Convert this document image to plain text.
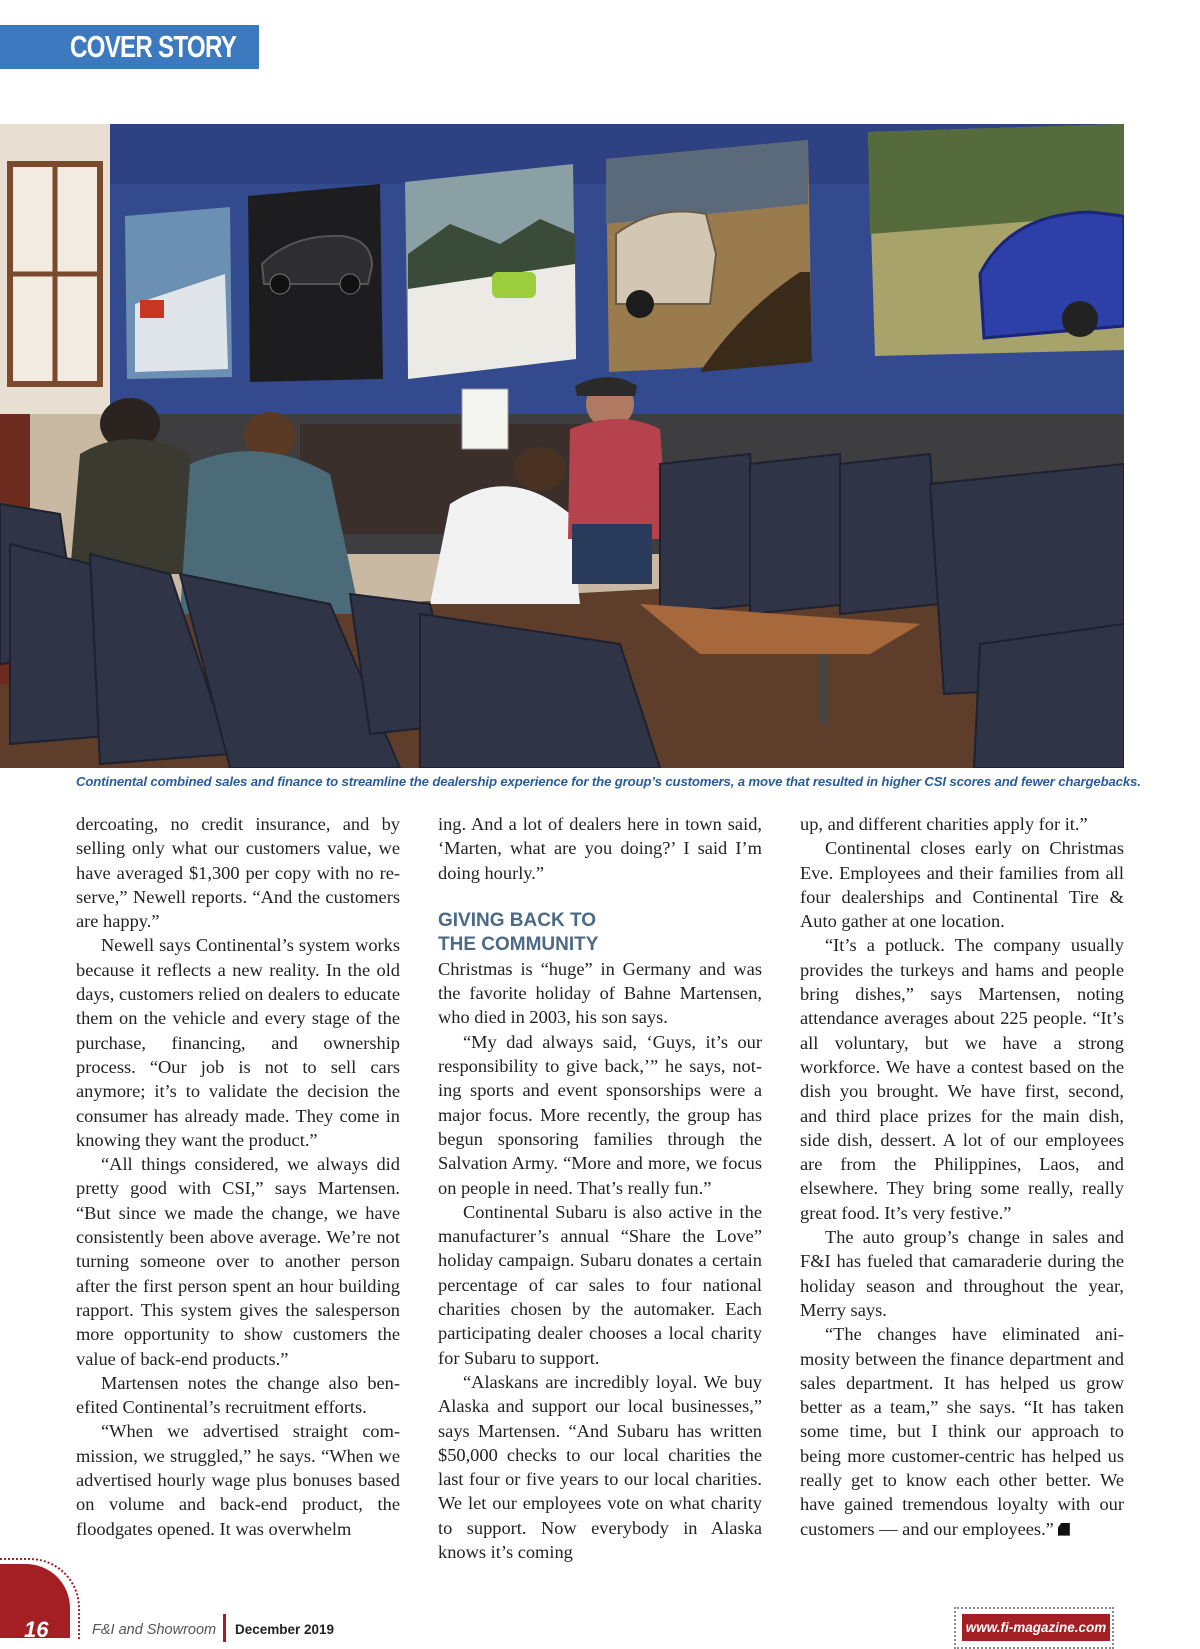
COVER STORY
Continental combined sales and finance to streamline the dealership experience for the group’s customers, a move that resulted in higher CSI scores and fewer chargebacks.

dercoating, no credit insurance, and by selling only what our customers value, we have averaged $1,300 per copy with no reserve,” Newell reports. “And the customers are happy.”

Newell says Continental’s system works because it reflects a new reality. In the old days, customers relied on dealers to educate them on the vehicle and every stage of the purchase, financing, and ownership process. “Our job is not to sell cars anymore; it’s to validate the decision the consumer has already made. They come in knowing they want the product.”

“All things considered, we always did pretty good with CSI,” says Martensen. “But since we made the change, we have consistently been above average. We’re not turning someone over to another person after the first person spent an hour building rapport. This system gives the salesperson more opportunity to show customers the value of back-end products.”

Martensen notes the change also benefited Continental’s recruitment efforts.

“When we advertised straight commission, we struggled,” he says. “When we advertised hourly wage plus bonuses based on volume and back-end product, the floodgates opened. It was overwhelm

ing. And a lot of dealers here in town said, ‘Marten, what are you doing?’ I said I’m doing hourly.”

GIVING BACK TO
THE COMMUNITY

Christmas is “huge” in Germany and was the favorite holiday of Bahne Martensen, who died in 2003, his son says.

“My dad always said, ‘Guys, it’s our responsibility to give back,’” he says, noting sports and event sponsorships were a major focus. More recently, the group has begun sponsoring families through the Salvation Army. “More and more, we focus on people in need. That’s really fun.”

Continental Subaru is also active in the manufacturer’s annual “Share the Love” holiday campaign. Subaru donates a certain percentage of car sales to four national charities chosen by the automaker. Each participating dealer chooses a local charity for Subaru to support.

“Alaskans are incredibly loyal. We buy Alaska and support our local businesses,” says Martensen. “And Subaru has written $50,000 checks to our local charities the last four or five years to our local charities. We let our employees vote on what charity to support. Now everybody in Alaska knows it’s coming

up, and different charities apply for it.”

Continental closes early on Christmas Eve. Employees and their families from all four dealerships and Continental Tire & Auto gather at one location.

“It’s a potluck. The company usually provides the turkeys and hams and people bring dishes,” says Martensen, noting attendance averages about 225 people. “It’s all voluntary, but we have a strong workforce. We have a contest based on the dish you brought. We have first, second, and third place prizes for the main dish, side dish, dessert. A lot of our employees are from the Philippines, Laos, and elsewhere. They bring some really, really great food. It’s very festive.”

The auto group’s change in sales and F&I has fueled that camaraderie during the holiday season and throughout the year, Merry says.

“The changes have eliminated animosity between the finance department and sales department. It has helped us grow better as a team,” she says. “It has taken some time, but I think our approach to being more customer-centric has helped us really get to know each other better. We have gained tremendous loyalty with our customers — and our employees.”

16	F&I and Showroom December 2019	www.fi-magazine.com
